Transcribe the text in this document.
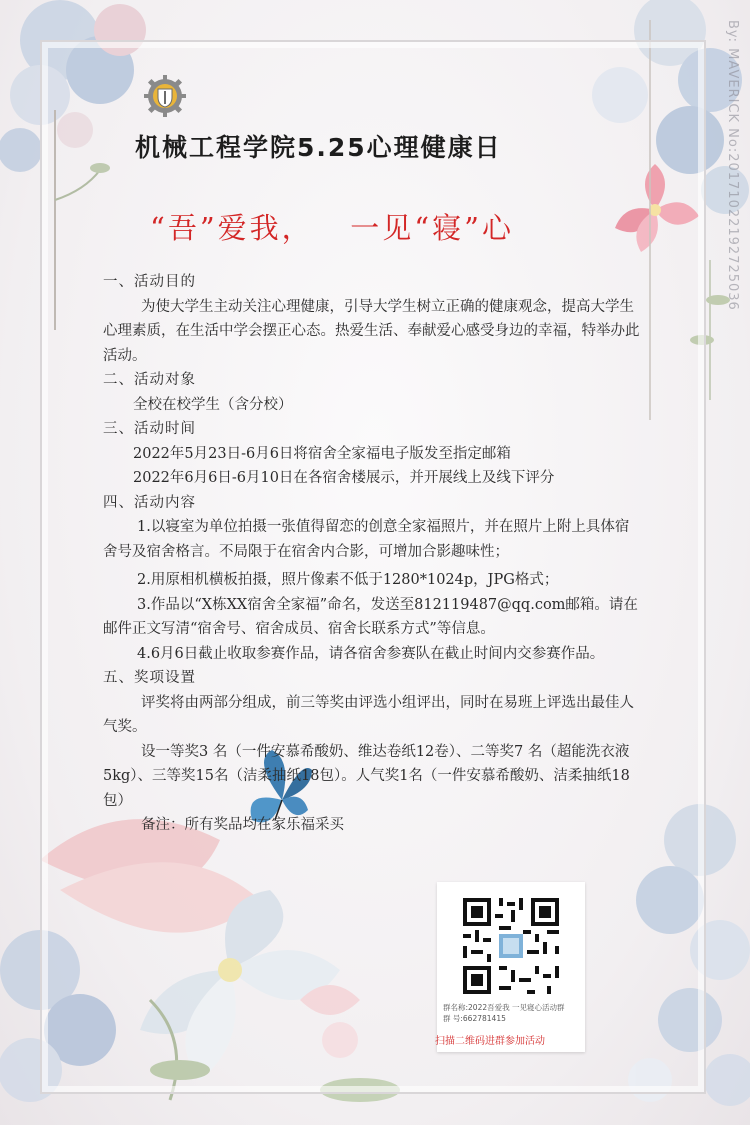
By: MAVERICK No:20171022192725036
机械工程学院5.25心理健康日
“吾”爱我，   一见“寝”心

一、活动目的

为使大学生主动关注心理健康，引导大学生树立正确的健康观念，提高大学生心理素质，在生活中学会摆正心态。热爱生活、奉献爱心感受身边的幸福，特举办此活动。

二、活动对象

全校在校学生（含分校）

三、活动时间

2022年5月23日-6月6日将宿舍全家福电子版发至指定邮箱

2022年6月6日-6月10日在各宿舍楼展示，并开展线上及线下评分

四、活动内容

1.以寝室为单位拍摄一张值得留恋的创意全家福照片，并在照片上附上具体宿舍号及宿舍格言。不局限于在宿舍内合影，可增加合影趣味性；

2.用原相机横板拍摄，照片像素不低于1280*1024p，JPG格式；

3.作品以“X栋XX宿舍全家福”命名，发送至812119487@qq.com邮箱。请在邮件正文写清“宿舍号、宿舍成员、宿舍长联系方式”等信息。

4.6月6日截止收取参赛作品，请各宿舍参赛队在截止时间内交参赛作品。

五、奖项设置

评奖将由两部分组成，前三等奖由评选小组评出，同时在易班上评选出最佳人气奖。

设一等奖3 名（一件安慕希酸奶、维达卷纸12卷）、二等奖7 名（超能洗衣液5kg）、三等奖15名（洁柔抽纸18包）。人气奖1名（一件安慕希酸奶、洁柔抽纸18包）

备注：所有奖品均在家乐福采买

群名称:2022吾爱我 一见寝心活动群
群 号:662781415
扫描二维码进群参加活动
